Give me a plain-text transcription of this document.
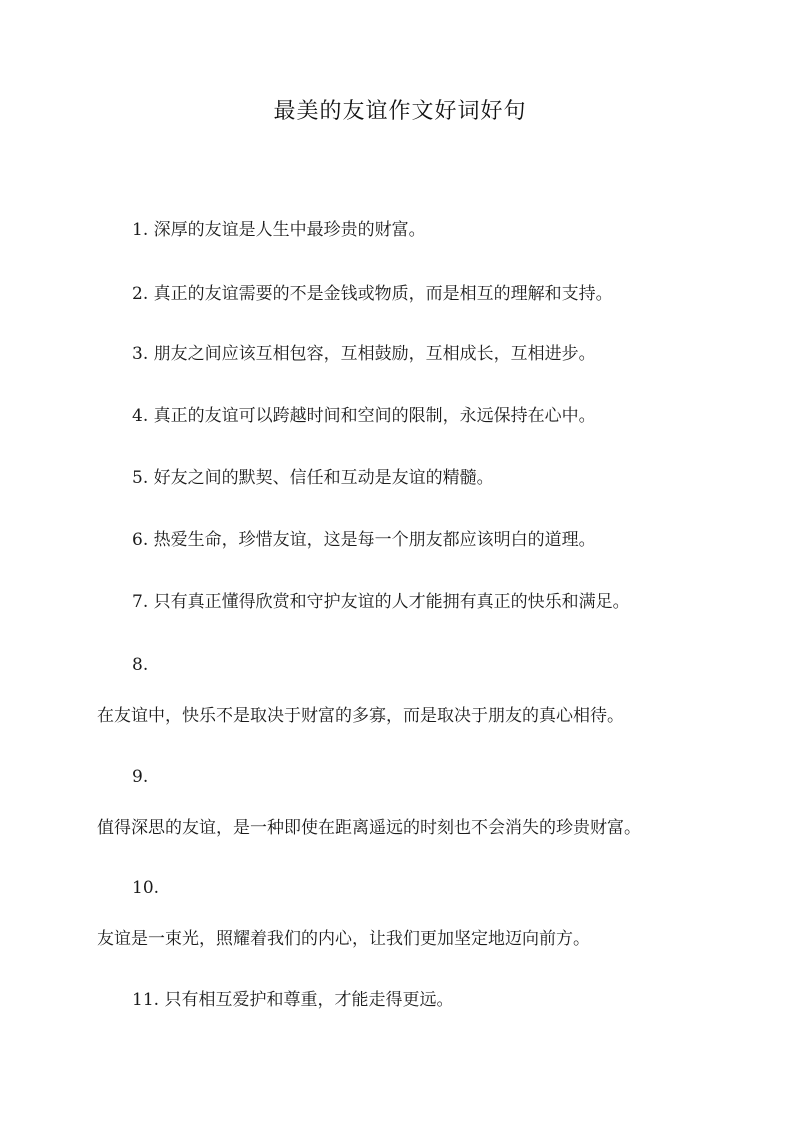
最美的友谊作文好词好句
1. 深厚的友谊是人生中最珍贵的财富。
2. 真正的友谊需要的不是金钱或物质，而是相互的理解和支持。
3. 朋友之间应该互相包容，互相鼓励，互相成长，互相进步。
4. 真正的友谊可以跨越时间和空间的限制，永远保持在心中。
5. 好友之间的默契、信任和互动是友谊的精髓。
6. 热爱生命，珍惜友谊，这是每一个朋友都应该明白的道理。
7. 只有真正懂得欣赏和守护友谊的人才能拥有真正的快乐和满足。
8.
在友谊中，快乐不是取决于财富的多寡，而是取决于朋友的真心相待。
9.
值得深思的友谊，是一种即使在距离遥远的时刻也不会消失的珍贵财富。
10.
友谊是一束光，照耀着我们的内心，让我们更加坚定地迈向前方。
11. 只有相互爱护和尊重，才能走得更远。
